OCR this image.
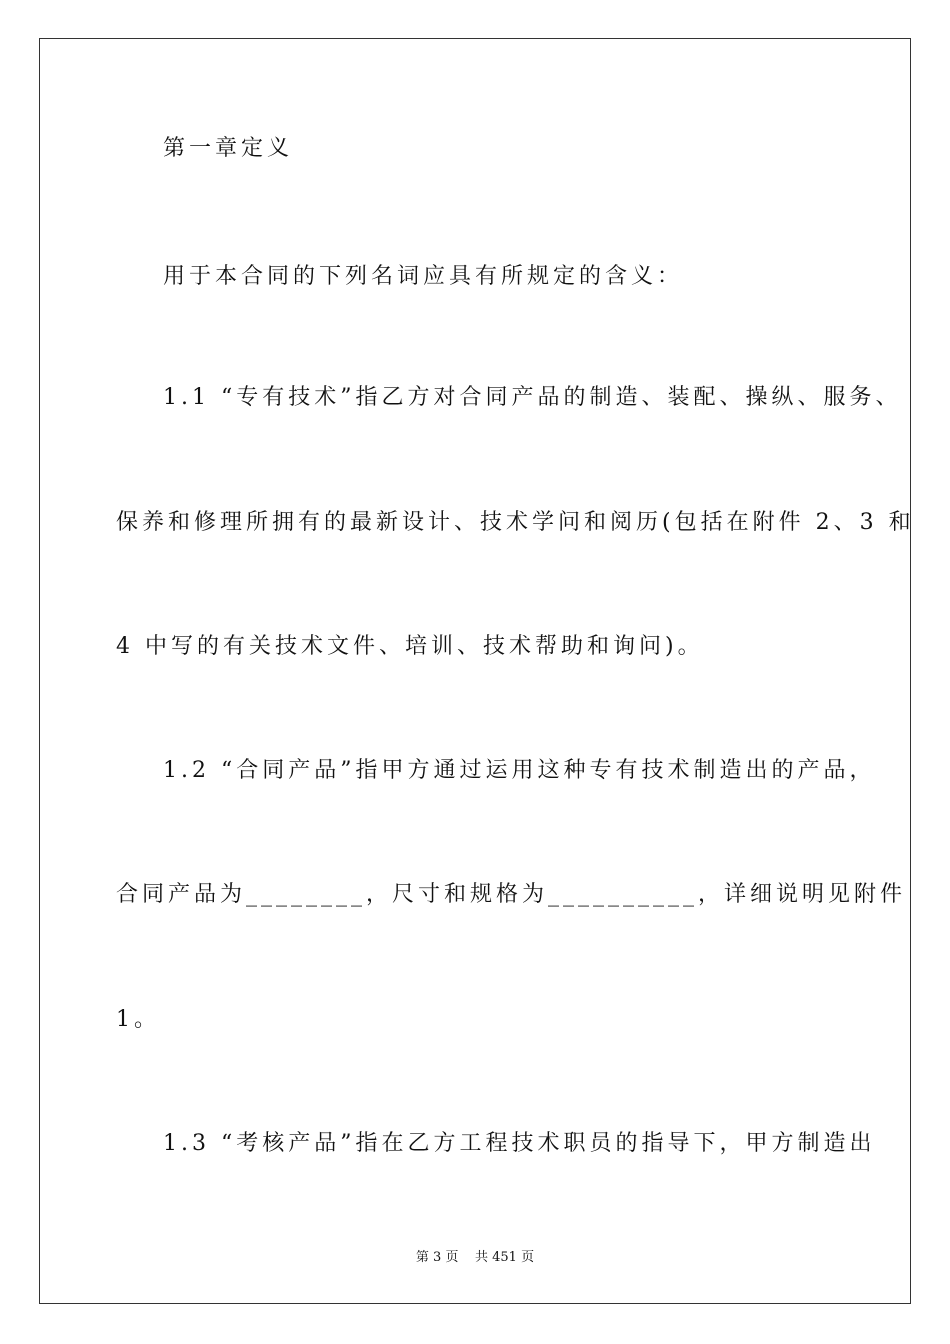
第一章定义
用于本合同的下列名词应具有所规定的含义：
1.1 “专有技术”指乙方对合同产品的制造、装配、操纵、服务、
保养和修理所拥有的最新设计、技术学问和阅历(包括在附件 2、3 和
4 中写的有关技术文件、培训、技术帮助和询问)。
1.2 “合同产品”指甲方通过运用这种专有技术制造出的产品，
合同产品为________，尺寸和规格为__________，详细说明见附件
1。
1.3 “考核产品”指在乙方工程技术职员的指导下，甲方制造出
第 3 页    共 451 页
